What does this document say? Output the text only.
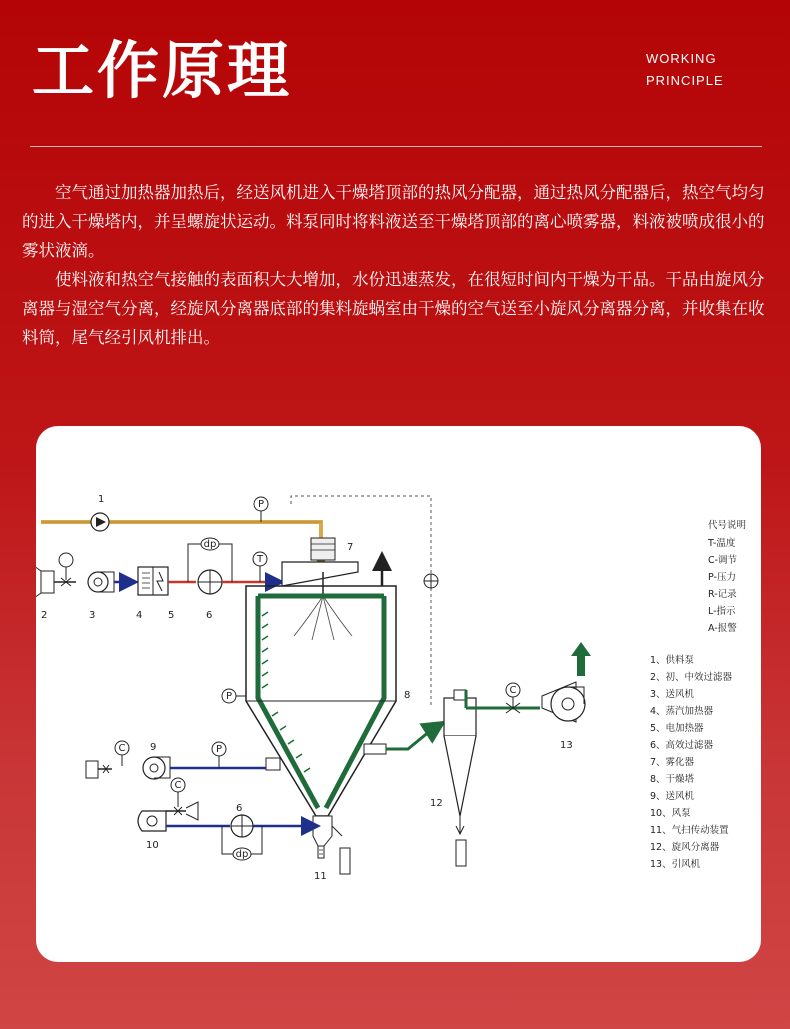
工作原理	WORKING
PRINCIPLE

空气通过加热器加热后，经送风机进入干燥塔顶部的热风分配器，通过热风分配器后，热空气均匀的进入干燥塔内，并呈螺旋状运动。料泵同时将料液送至干燥塔顶部的离心喷雾器，料液被喷成很小的雾状液滴。

使料液和热空气接触的表面积大大增加，水份迅速蒸发，在很短时间内干燥为干品。干品由旋风分离器与湿空气分离，经旋风分离器底部的集料旋蜗室由干燥的空气送至小旋风分离器分离，并收集在收料筒，尾气经引风机排出。

P
dp
T
P
C
C	P
C
dp
1
2	3	4	5	6
7
8
9
10
6
11
12
13
代号说明
T-温度
C-调节
P-压力
R-记录
L-指示
A-报警
1、供料泵
2、初、中效过滤器
3、送风机
4、蒸汽加热器
5、电加热器
6、高效过滤器
7、雾化器
8、干燥塔
9、送风机
10、风泵
11、气扫传动装置
12、旋风分离器
13、引风机
